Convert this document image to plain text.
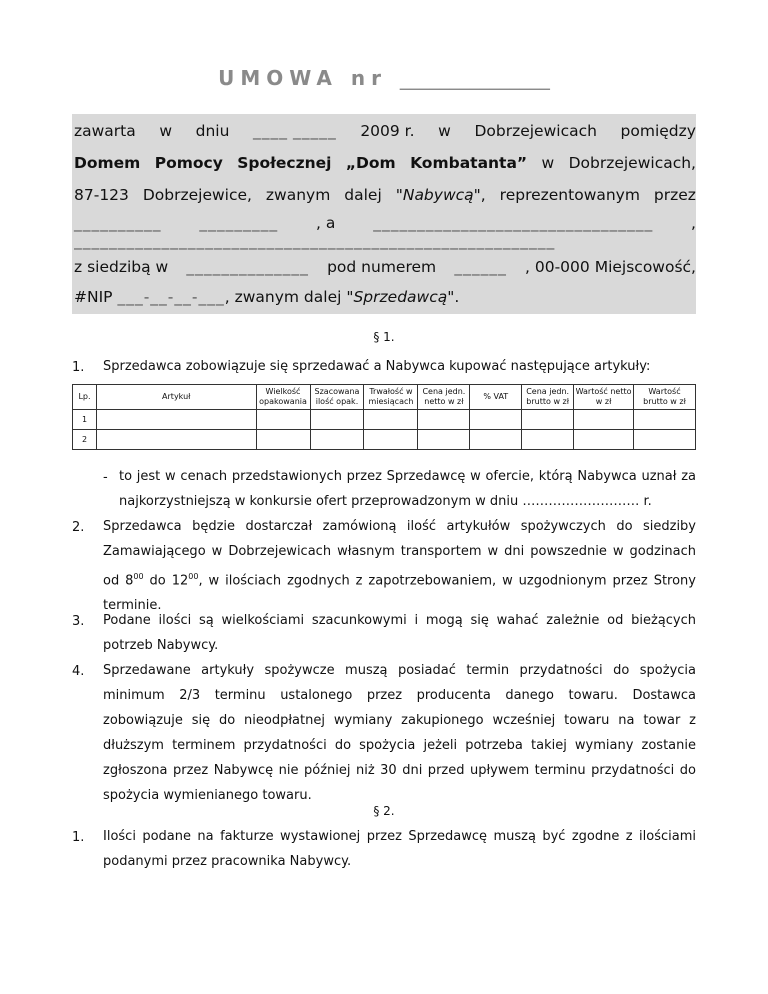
UMOWA nr _______________
zawarta w dniu ____ _____ 2009 r. w Dobrzejewicach pomiędzy
Domem Pomocy Społecznej „Dom Kombatanta” w Dobrzejewicach,
87-123 Dobrzejewice, zwanym dalej "Nabywcą", reprezentowanym przez
__________ _________ , a ________________________________ ,
_______________________________________________________
z siedzibą w ______________ pod numerem ______ , 00-000 Miejscowość,
#NIP
___-__-__-___ , zwanym dalej " Sprzedawcą ".
§ 1.
1. Sprzedawca zobowiązuje się sprzedawać a Nabywca kupować następujące artykuły:
Lp.	Artykuł	Wielkość opakowania	Szacowana ilość opak.	Trwałość w miesiącach	Cena jedn. netto w zł	% VAT	Cena jedn. brutto w zł	Wartość netto w zł	Wartość brutto w zł
1									
2									
- to jest w cenach przedstawionych przez Sprzedawcę w ofercie, którą Nabywca uznał za najkorzystniejszą w konkursie ofert przeprowadzonym w dniu ……………………… r.
2. Sprzedawca będzie dostarczał zamówioną ilość artykułów spożywczych do siedziby Zamawiającego w Dobrzejewicach własnym transportem w dni powszednie w godzinach od $8^{00}$ do $12^{00}$, w ilościach zgodnych z zapotrzebowaniem, w uzgodnionym przez Strony terminie.
3. Podane ilości są wielkościami szacunkowymi i mogą się wahać zależnie od bieżących potrzeb Nabywcy.
4. Sprzedawane artykuły spożywcze muszą posiadać termin przydatności do spożycia minimum 2/3 terminu ustalonego przez producenta danego towaru. Dostawca zobowiązuje się do nieodpłatnej wymiany zakupionego wcześniej towaru na towar z dłuższym terminem przydatności do spożycia jeżeli potrzeba takiej wymiany zostanie zgłoszona przez Nabywcę nie później niż 30 dni przed upływem terminu przydatności do spożycia wymienianego towaru.
§ 2.
1. Ilości podane na fakturze wystawionej przez Sprzedawcę muszą być zgodne z ilościami podanymi przez pracownika Nabywcy.
